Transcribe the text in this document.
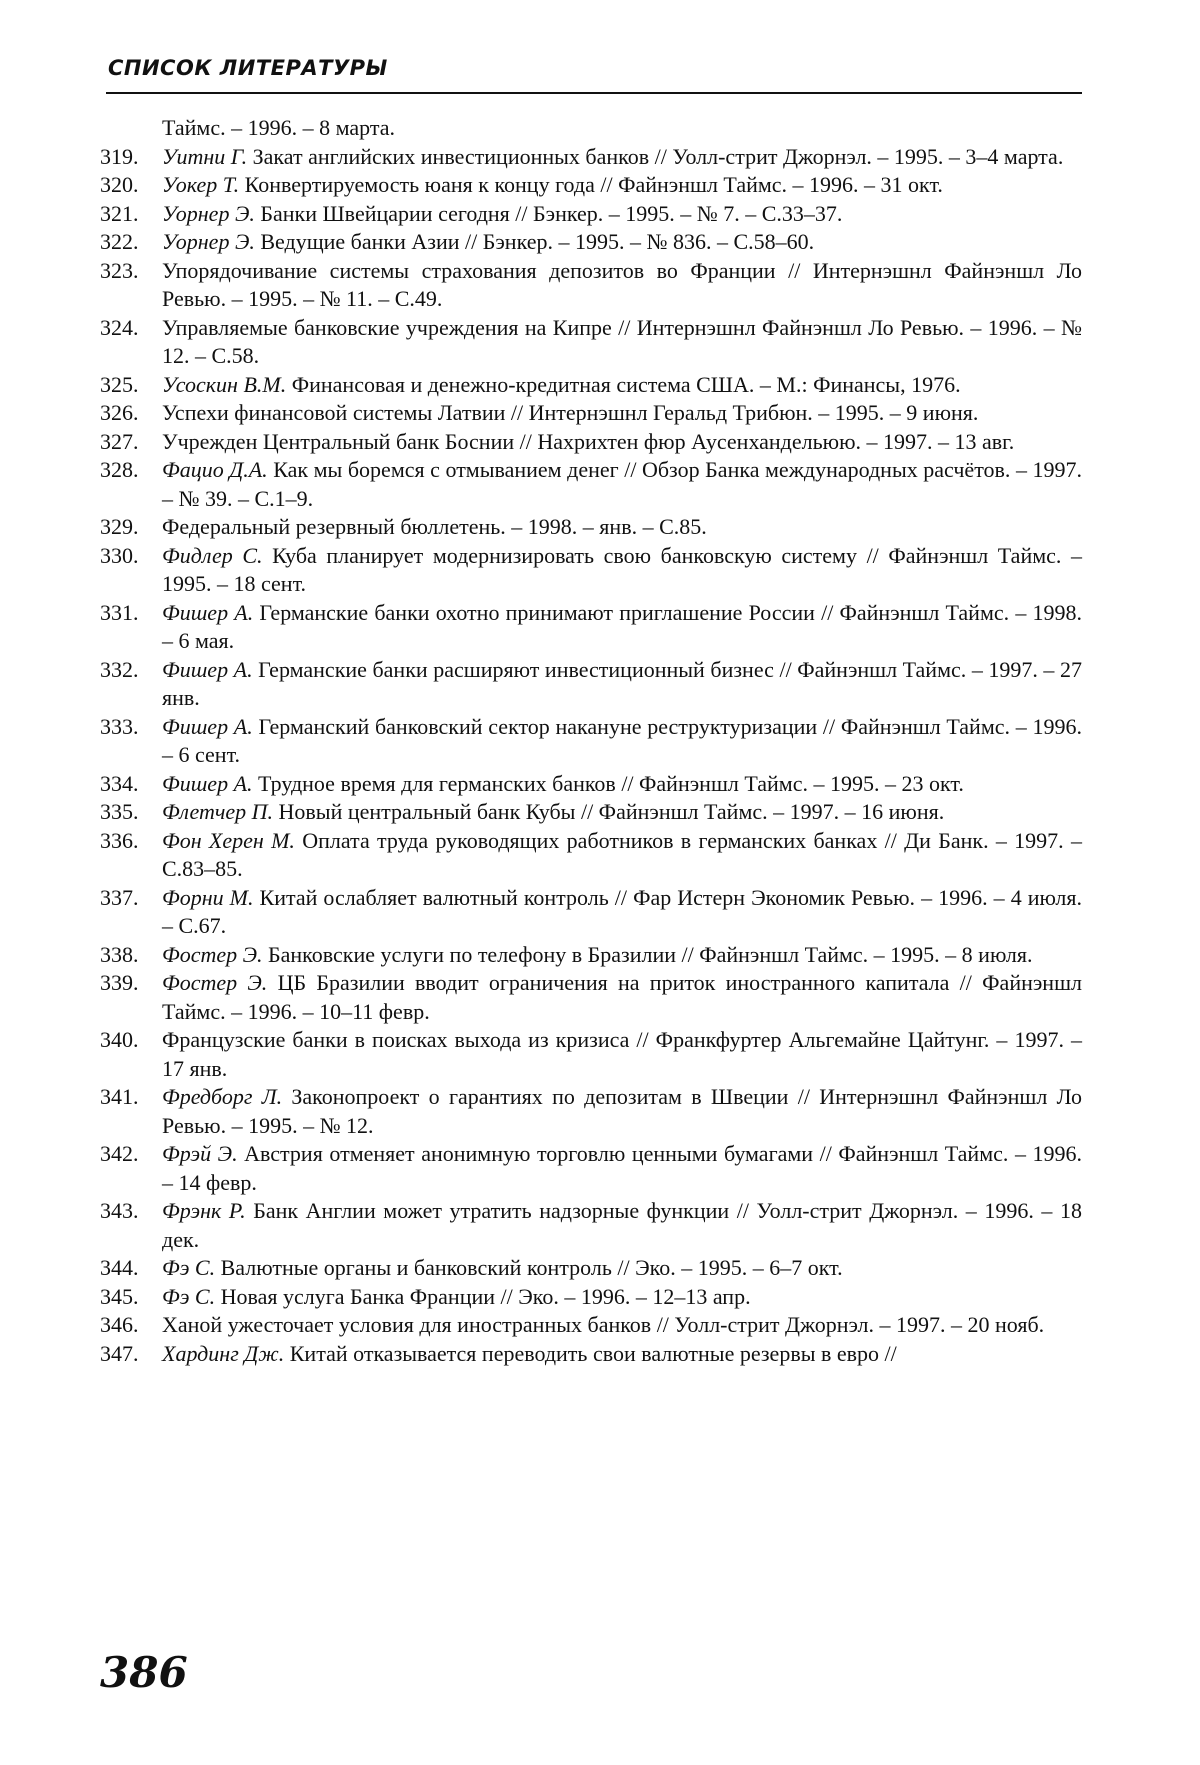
СПИСОК ЛИТЕРАТУРЫ
Таймс. – 1996. – 8 марта.
319.	Уитни Г. Закат английских инвестиционных банков // Уолл-стрит Джорнэл. – 1995. – 3–4 марта.
320.	Уокер Т. Конвертируемость юаня к концу года // Файнэншл Таймс. – 1996. – 31 окт.
321.	Уорнер Э. Банки Швейцарии сегодня // Бэнкер. – 1995. – № 7. – С.33–37.
322.	Уорнер Э. Ведущие банки Азии // Бэнкер. – 1995. – № 836. – С.58–60.
323.	Упорядочивание системы страхования депозитов во Франции // Интернэшнл Файнэншл Ло Ревью. – 1995. – № 11. – С.49.
324.	Управляемые банковские учреждения на Кипре // Интернэшнл Файнэншл Ло Ревью. – 1996. – № 12. – С.58.
325.	Усоскин В.М. Финансовая и денежно-кредитная система США. – М.: Финансы, 1976.
326.	Успехи финансовой системы Латвии // Интернэшнл Геральд Трибюн. – 1995. – 9 июня.
327.	Учрежден Центральный банк Боснии // Нахрихтен фюр Аусенхандельюю. – 1997. – 13 авг.
328.	Фацио Д.А. Как мы боремся с отмыванием денег // Обзор Банка международных расчётов. – 1997. – № 39. – С.1–9.
329.	Федеральный резервный бюллетень. – 1998. – янв. – С.85.
330.	Фидлер С. Куба планирует модернизировать свою банковскую систему // Файнэншл Таймс. – 1995. – 18 сент.
331.	Фишер А. Германские банки охотно принимают приглашение России // Файнэншл Таймс. – 1998. – 6 мая.
332.	Фишер А. Германские банки расширяют инвестиционный бизнес // Файнэншл Таймс. – 1997. – 27 янв.
333.	Фишер А. Германский банковский сектор накануне реструктуризации // Файнэншл Таймс. – 1996. – 6 сент.
334.	Фишер А. Трудное время для германских банков // Файнэншл Таймс. – 1995. – 23 окт.
335.	Флетчер П. Новый центральный банк Кубы // Файнэншл Таймс. – 1997. – 16 июня.
336.	Фон Херен М. Оплата труда руководящих работников в германских банках // Ди Банк. – 1997. – С.83–85.
337.	Форни М. Китай ослабляет валютный контроль // Фар Истерн Экономик Ревью. – 1996. – 4 июля. – С.67.
338.	Фостер Э. Банковские услуги по телефону в Бразилии // Файнэншл Таймс. – 1995. – 8 июля.
339.	Фостер Э. ЦБ Бразилии вводит ограничения на приток иностранного капитала // Файнэншл Таймс. – 1996. – 10–11 февр.
340.	Французские банки в поисках выхода из кризиса // Франкфуртер Альгемайне Цайтунг. – 1997. – 17 янв.
341.	Фредборг Л. Законопроект о гарантиях по депозитам в Швеции // Интернэшнл Файнэншл Ло Ревью. – 1995. – № 12.
342.	Фрэй Э. Австрия отменяет анонимную торговлю ценными бумагами // Файнэншл Таймс. – 1996. – 14 февр.
343.	Фрэнк Р. Банк Англии может утратить надзорные функции // Уолл-стрит Джорнэл. – 1996. – 18 дек.
344.	Фэ С. Валютные органы и банковский контроль // Эко. – 1995. – 6–7 окт.
345.	Фэ С. Новая услуга Банка Франции // Эко. – 1996. – 12–13 апр.
346.	Ханой ужесточает условия для иностранных банков // Уолл-стрит Джорнэл. – 1997. – 20 нояб.
347.	Хардинг Дж. Китай отказывается переводить свои валютные резервы в евро //
386
